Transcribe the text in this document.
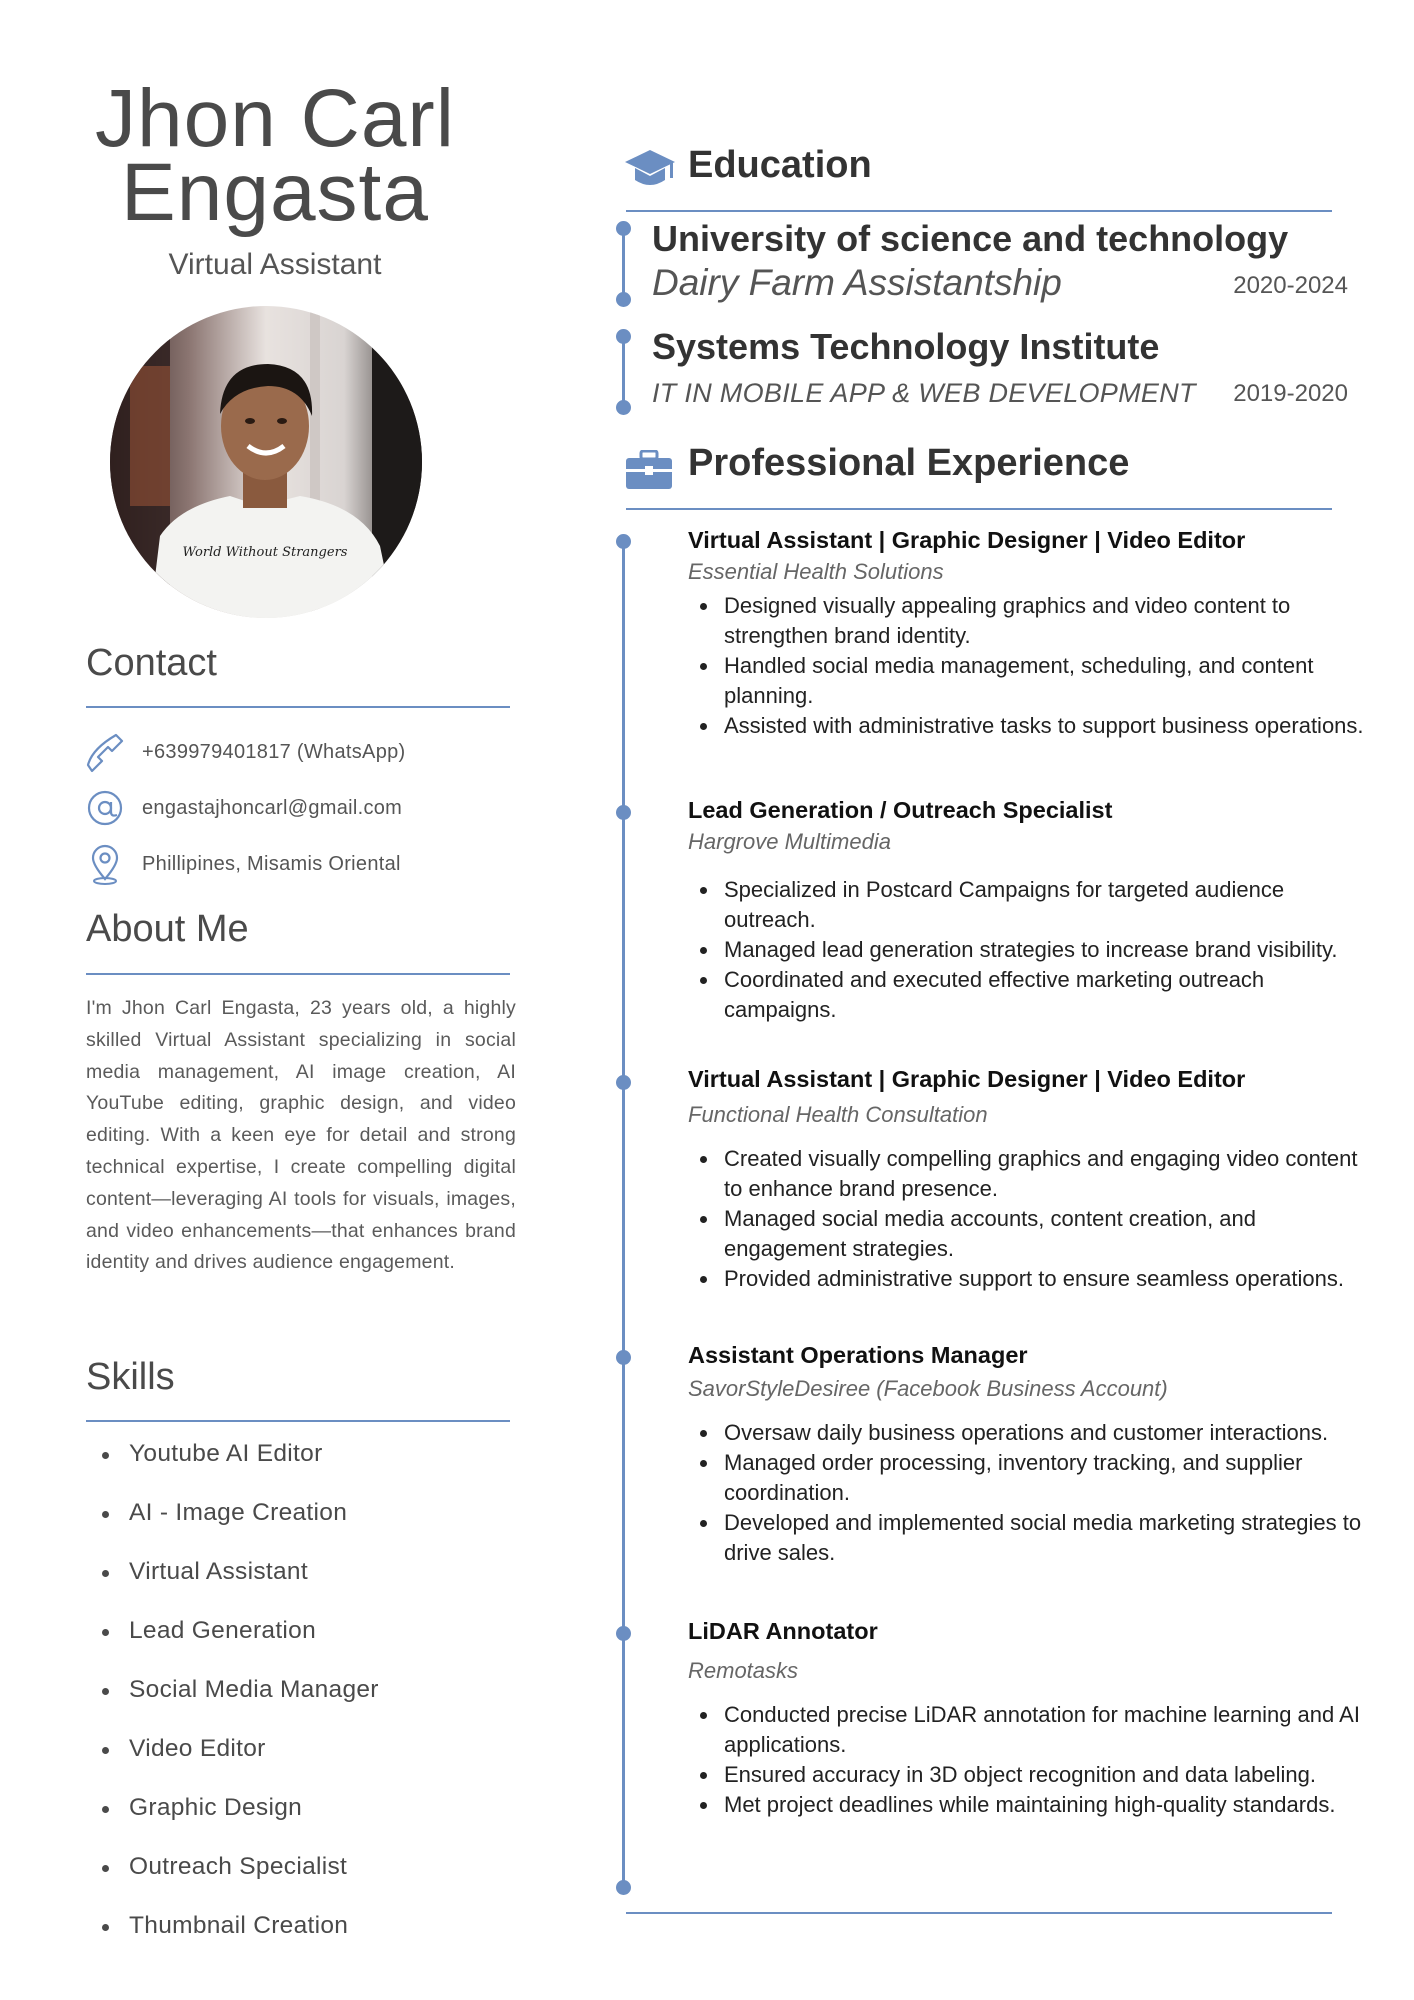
Jhon Carl
Engasta
Virtual Assistant
World Without Strangers
Contact
+639979401817 (WhatsApp)
engastajhoncarl@gmail.com
Phillipines, Misamis Oriental
About Me
I'm Jhon Carl Engasta, 23 years old, a highly skilled Virtual Assistant specializing in social media management, AI image creation, AI YouTube editing, graphic design, and video editing. With a keen eye for detail and strong technical expertise, I create compelling digital content—leveraging AI tools for visuals, images, and video enhancements—that enhances brand identity and drives audience engagement.
Skills
Youtube AI Editor
AI - Image Creation
Virtual Assistant
Lead Generation
Social Media Manager
Video Editor
Graphic Design
Outreach Specialist
Thumbnail Creation
Education
University of science and technology
Dairy Farm Assistantship	2020-2024
Systems Technology Institute
IT IN MOBILE APP & WEB DEVELOPMENT 2019-2020
Professional Experience
Virtual Assistant | Graphic Designer | Video Editor
Essential Health Solutions
Designed visually appealing graphics and video content to strengthen brand identity.
Handled social media management, scheduling, and content planning.
Assisted with administrative tasks to support business operations.
Lead Generation / Outreach Specialist
Hargrove Multimedia
Specialized in Postcard Campaigns for targeted audience outreach.
Managed lead generation strategies to increase brand visibility.
Coordinated and executed effective marketing outreach campaigns.
Virtual Assistant | Graphic Designer | Video Editor
Functional Health Consultation
Created visually compelling graphics and engaging video content to enhance brand presence.
Managed social media accounts, content creation, and engagement strategies.
Provided administrative support to ensure seamless operations.
Assistant Operations Manager
SavorStyleDesiree (Facebook Business Account)
Oversaw daily business operations and customer interactions.
Managed order processing, inventory tracking, and supplier coordination.
Developed and implemented social media marketing strategies to drive sales.
LiDAR Annotator
Remotasks
Conducted precise LiDAR annotation for machine learning and AI applications.
Ensured accuracy in 3D object recognition and data labeling.
Met project deadlines while maintaining high-quality standards.
